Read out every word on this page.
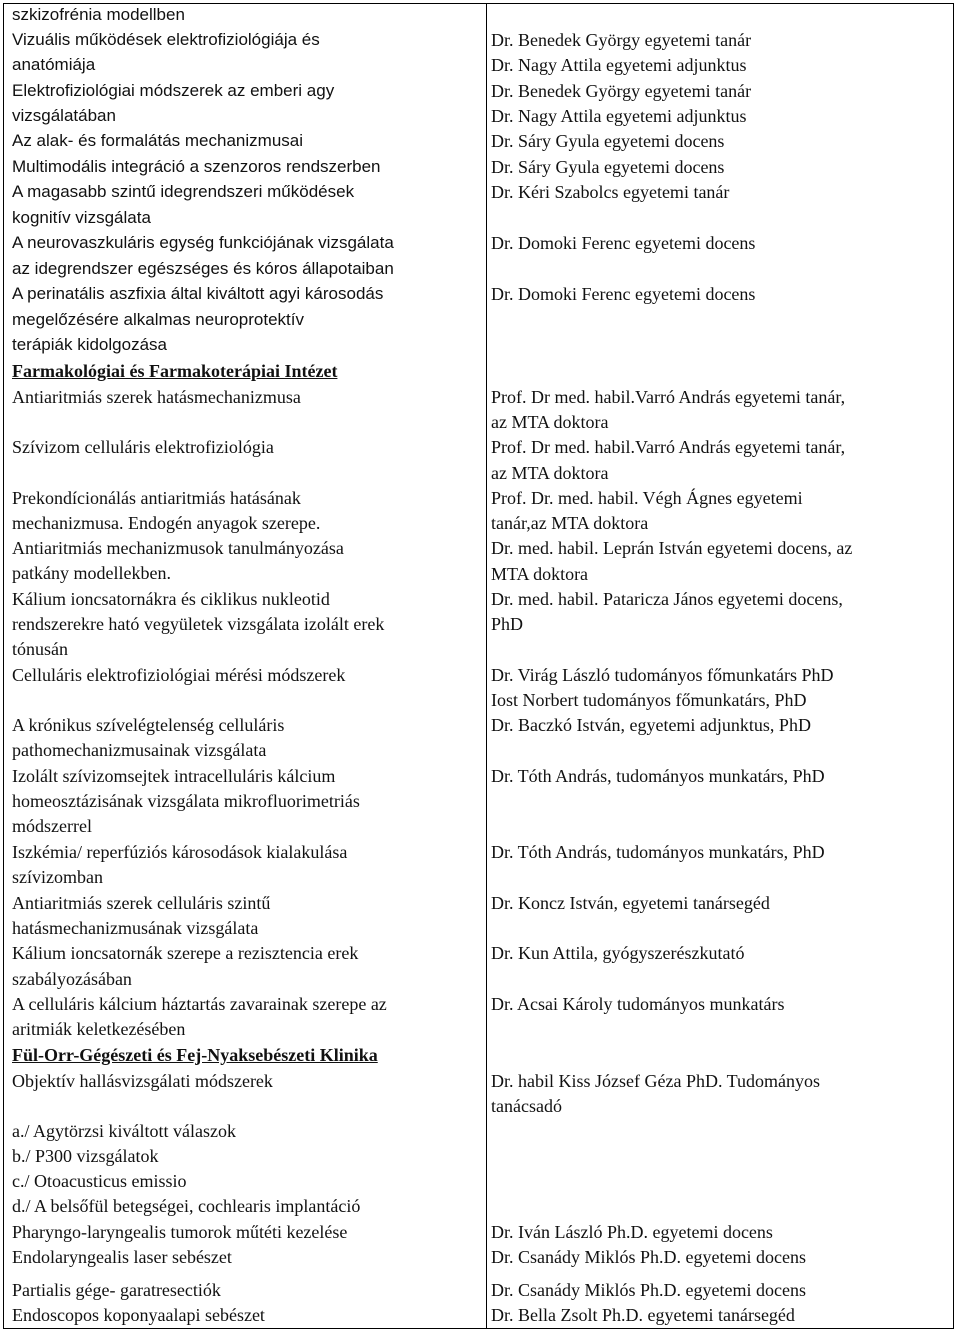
szkizofrénia modellben
Vizuális működések elektrofiziológiája és
anatómiája
Elektrofiziológiai módszerek az emberi agy
vizsgálatában
Az alak- és formalátás mechanizmusai
Multimodális integráció a szenzoros rendszerben
A magasabb szintű idegrendszeri működések
kognitív vizsgálata
A neurovaszkuláris egység funkciójának vizsgálata
az idegrendszer egészséges és kóros állapotaiban
A perinatális aszfixia által kiváltott agyi károsodás
megelőzésére alkalmas neuroprotektív
terápiák kidolgozása
Farmakológiai és Farmakoterápiai Intézet
Antiaritmiás szerek hatásmechanizmusa
Szívizom celluláris elektrofiziológia
Prekondícionálás antiaritmiás hatásának
mechanizmusa. Endogén anyagok szerepe.
Antiaritmiás mechanizmusok tanulmányozása
patkány modellekben.
Kálium ioncsatornákra és ciklikus nukleotid
rendszerekre ható vegyületek vizsgálata izolált erek
tónusán
Celluláris elektrofiziológiai mérési módszerek
A krónikus szívelégtelenség celluláris
pathomechanizmusainak vizsgálata
Izolált szívizomsejtek intracelluláris kálcium
homeosztázisának vizsgálata mikrofluorimetriás
módszerrel
Iszkémia/ reperfúziós károsodások kialakulása
szívizomban
Antiaritmiás szerek celluláris szintű
hatásmechanizmusának vizsgálata
Kálium ioncsatornák szerepe a rezisztencia erek
szabályozásában
A celluláris kálcium háztartás zavarainak szerepe az
aritmiák keletkezésében
Fül-Orr-Gégészeti és Fej-Nyaksebészeti Klinika
Objektív hallásvizsgálati módszerek
a./ Agytörzsi kiváltott válaszok
b./ P300 vizsgálatok
c./ Otoacusticus emissio
d./ A belsőfül betegségei, cochlearis implantáció
Pharyngo-laryngealis tumorok műtéti kezelése
Endolaryngealis laser sebészet
Partialis gége- garatresectiók
Endoscopos koponyaalapi sebészet
Dr. Benedek György egyetemi tanár
Dr. Nagy Attila egyetemi adjunktus
Dr. Benedek György egyetemi tanár
Dr. Nagy Attila egyetemi adjunktus
Dr. Sáry Gyula egyetemi docens
Dr. Sáry Gyula egyetemi docens
Dr. Kéri Szabolcs egyetemi tanár
Dr. Domoki Ferenc egyetemi docens
Dr. Domoki Ferenc egyetemi docens
Prof. Dr med. habil.Varró András egyetemi tanár,
az MTA doktora
Prof. Dr med. habil.Varró András egyetemi tanár,
az MTA doktora
Prof. Dr. med. habil. Végh Ágnes egyetemi
tanár,az MTA doktora
Dr. med. habil. Leprán István egyetemi docens, az
MTA doktora
Dr. med. habil. Pataricza János egyetemi docens,
PhD
Dr. Virág László tudományos főmunkatárs PhD
Iost Norbert tudományos főmunkatárs, PhD
Dr. Baczkó István, egyetemi adjunktus, PhD
Dr. Tóth András, tudományos munkatárs, PhD
Dr. Tóth András, tudományos munkatárs, PhD
Dr. Koncz István, egyetemi tanársegéd
Dr. Kun Attila, gyógyszerészkutató
Dr. Acsai Károly tudományos munkatárs
Dr. habil Kiss József Géza PhD. Tudományos
tanácsadó
Dr. Iván László Ph.D. egyetemi docens
Dr. Csanády Miklós Ph.D. egyetemi docens
Dr. Csanády Miklós Ph.D. egyetemi docens
Dr. Bella Zsolt Ph.D. egyetemi tanársegéd
